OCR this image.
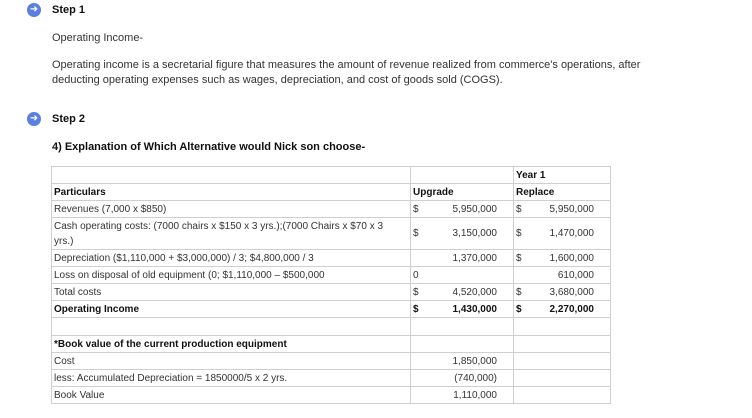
➜ Step 1
Operating Income-
Operating income is a secretarial figure that measures the amount of revenue realized from commerce's operations, after
deducting operating expenses such as wages, depreciation, and cost of goods sold (COGS).
➜ Step 2
4) Explanation of Which Alternative would Nick son choose-
		Year 1
Particulars	Upgrade	Replace
Revenues (7,000 x $850)	$ 5,950,000	$ 5,950,000
Cash operating costs: (7000 chairs x $150 x 3 yrs.);(7000 Chairs x $70 x 3
yrs.)	$ 3,150,000	$ 1,470,000
Depreciation ($1,110,000 + $3,000,000) / 3; $4,800,000 / 3	1,370,000	$ 1,600,000
Loss on disposal of old equipment (0; $1,110,000 – $500,000	0	610,000
Total costs	$ 4,520,000	$ 3,680,000
Operating Income	$ 1,430,000	$ 2,270,000

*Book value of the current production equipment		
Cost	1,850,000	
less: Accumulated Depreciation = 1850000/5 x 2 yrs.	(740,000)	
Book Value	1,110,000	
